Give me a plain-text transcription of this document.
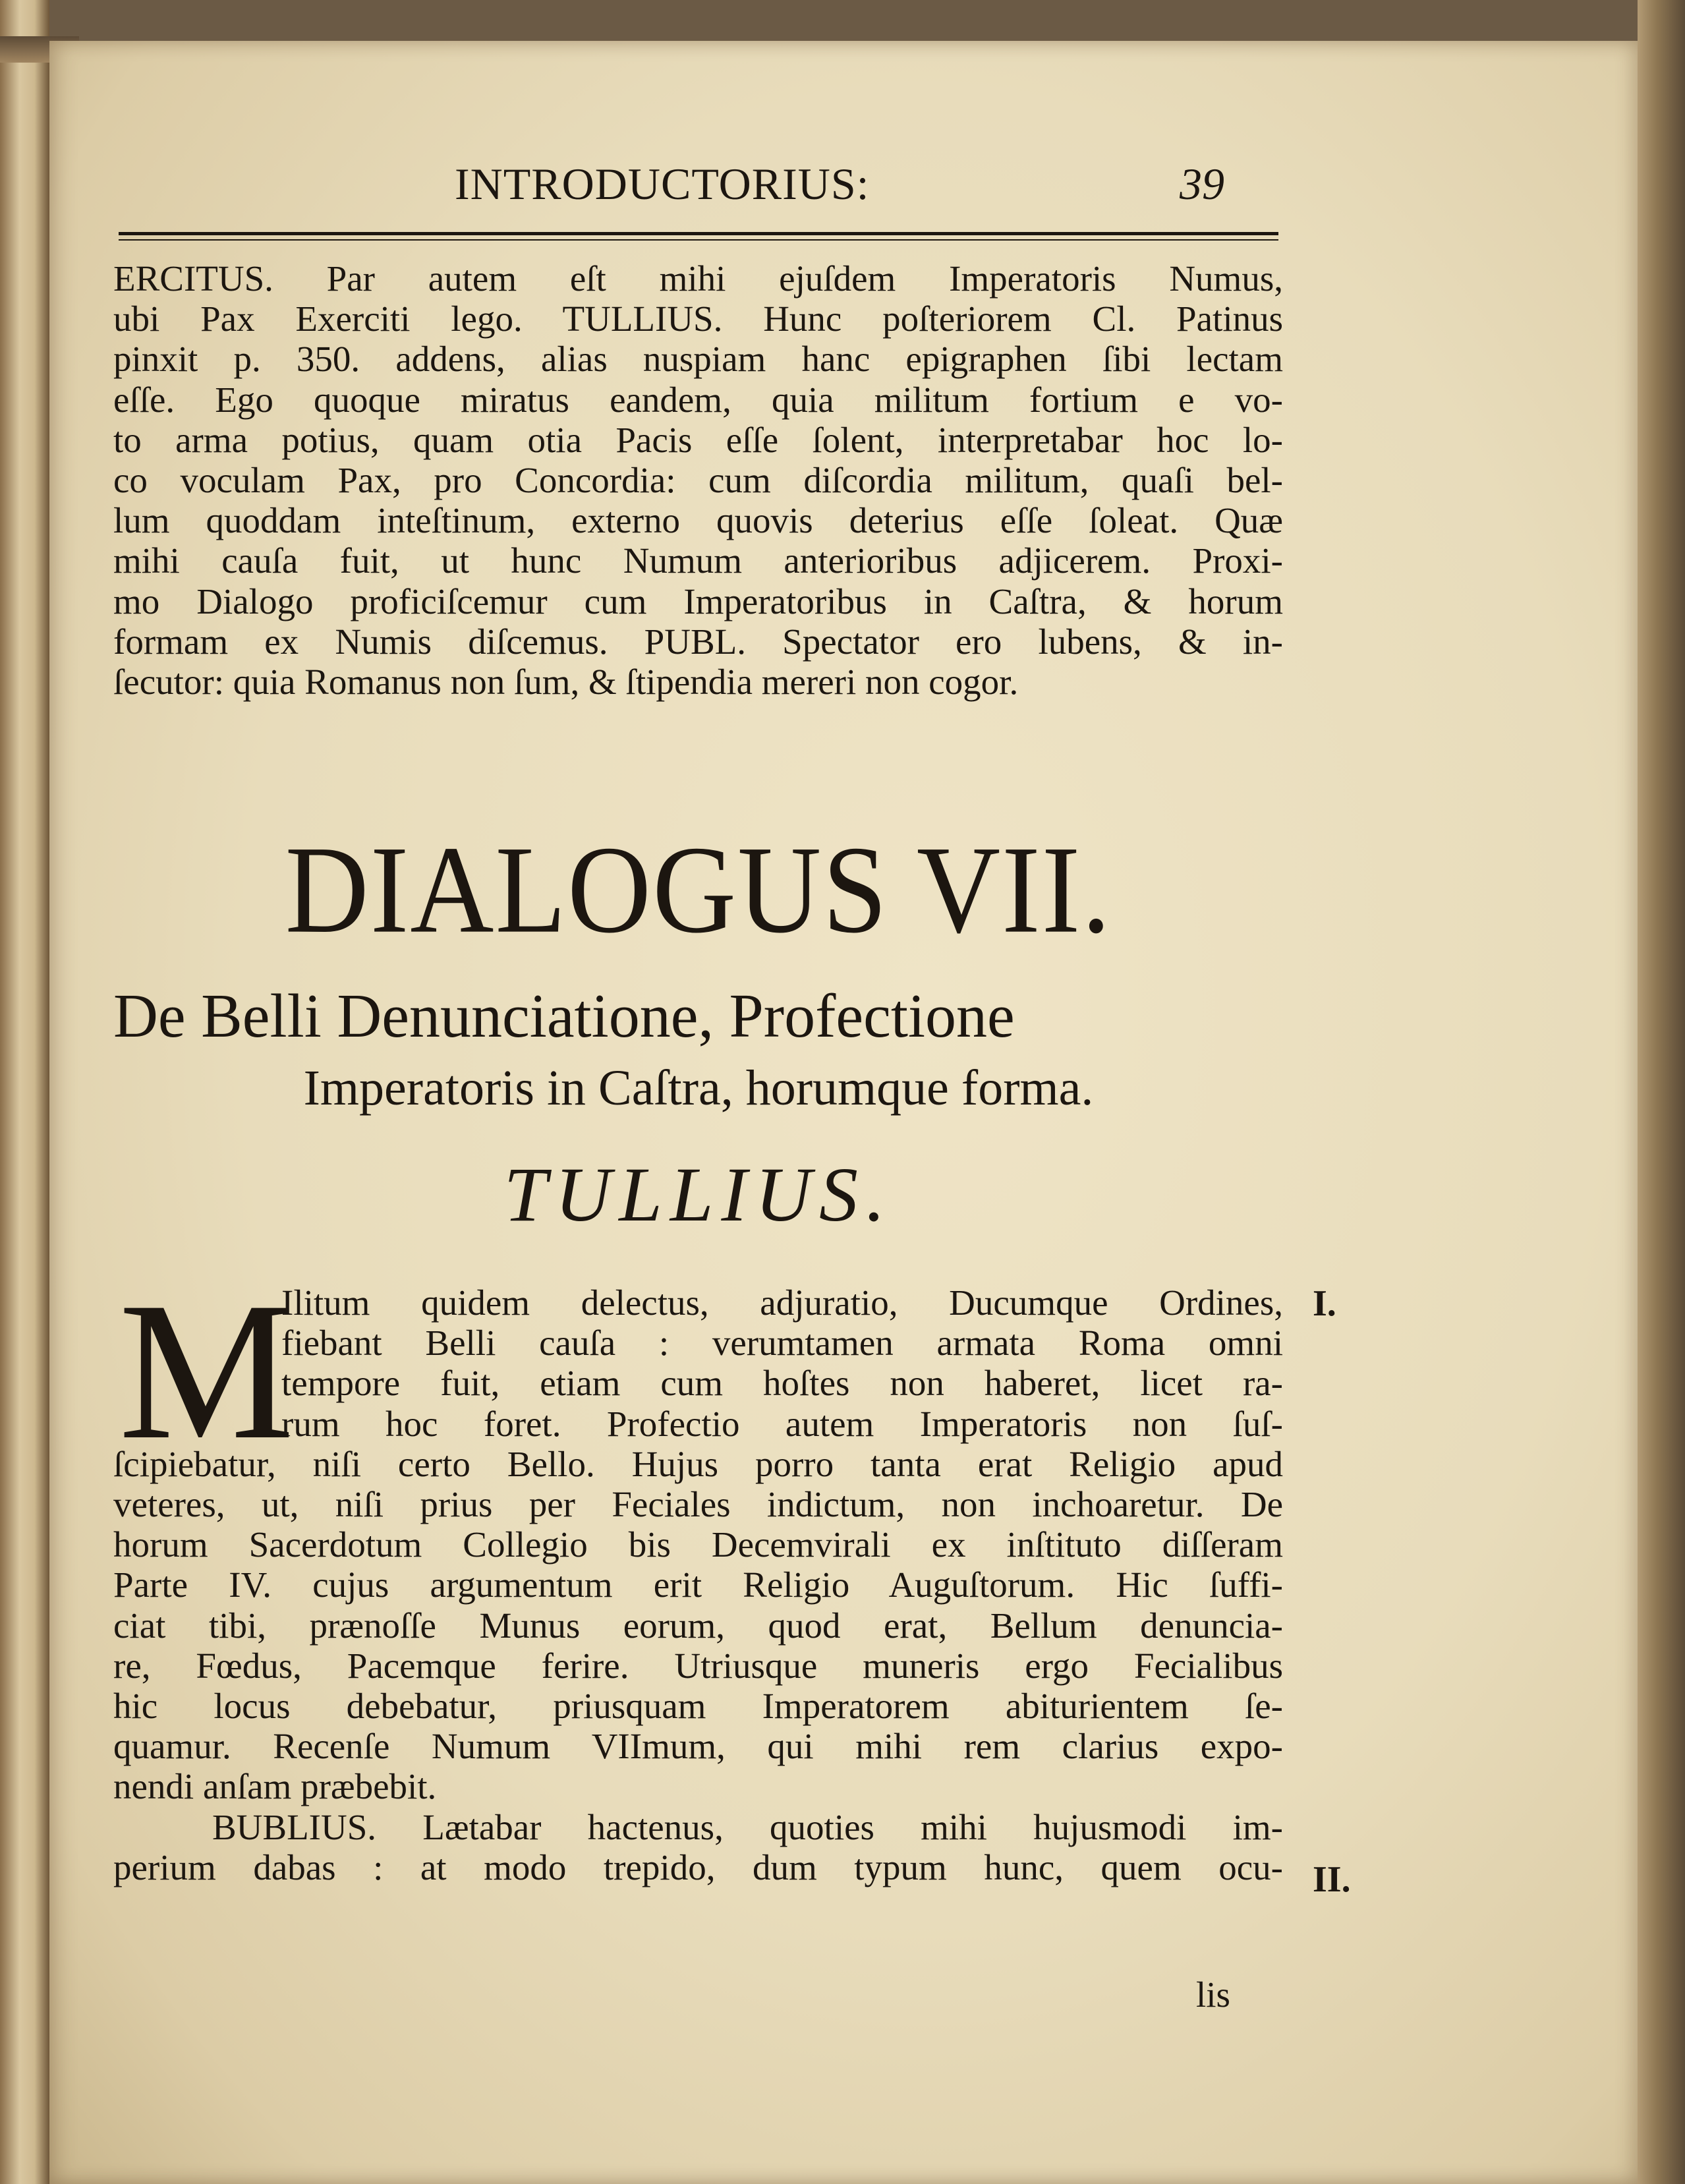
INTRODUCTORIUS:	39
ERCITUS. Par autem eſt mihi ejuſdem Imperatoris Numus,
ubi Pax Exerciti lego. TULLIUS. Hunc poſteriorem Cl. Patinus
pinxit p. 350. addens, alias nuspiam hanc epigraphen ſibi lectam
eſſe. Ego quoque miratus eandem, quia militum fortium e vo-
to arma potius, quam otia Pacis eſſe ſolent, interpretabar hoc lo-
co voculam Pax, pro Concordia: cum diſcordia militum, quaſi bel-
lum quoddam inteſtinum, externo quovis deterius eſſe ſoleat. Quæ
mihi cauſa fuit, ut hunc Numum anterioribus adjicerem. Proxi-
mo Dialogo proficiſcemur cum Imperatoribus in Caſtra, & horum
formam ex Numis diſcemus. PUBL. Spectator ero lubens, & in-
ſecutor: quia Romanus non ſum, & ſtipendia mereri non cogor.
DIALOGUS VII.
De Belli Denunciatione, Profectione
Imperatoris in Caſtra, horumque forma.
TULLIUS.
M
Ilitum quidem delectus, adjuratio, Ducumque Ordines,
fiebant Belli cauſa : verumtamen armata Roma omni
tempore fuit, etiam cum hoſtes non haberet, licet ra-
rum hoc foret. Profectio autem Imperatoris non ſuſ-
ſcipiebatur, niſi certo Bello. Hujus porro tanta erat Religio apud
veteres, ut, niſi prius per Feciales indictum, non inchoaretur. De
horum Sacerdotum Collegio bis Decemvirali ex inſtituto diſſeram
Parte IV. cujus argumentum erit Religio Auguſtorum. Hic ſuffi-
ciat tibi, prænoſſe Munus eorum, quod erat, Bellum denuncia-
re, Fœdus, Pacemque ferire. Utriusque muneris ergo Fecialibus
hic locus debebatur, priusquam Imperatorem abiturientem ſe-
quamur. Recenſe Numum VIImum, qui mihi rem clarius expo-
nendi anſam præbebit.
BUBLIUS. Lætabar hactenus, quoties mihi hujusmodi im-
perium dabas : at modo trepido, dum typum hunc, quem ocu-
lis
I.
II.
